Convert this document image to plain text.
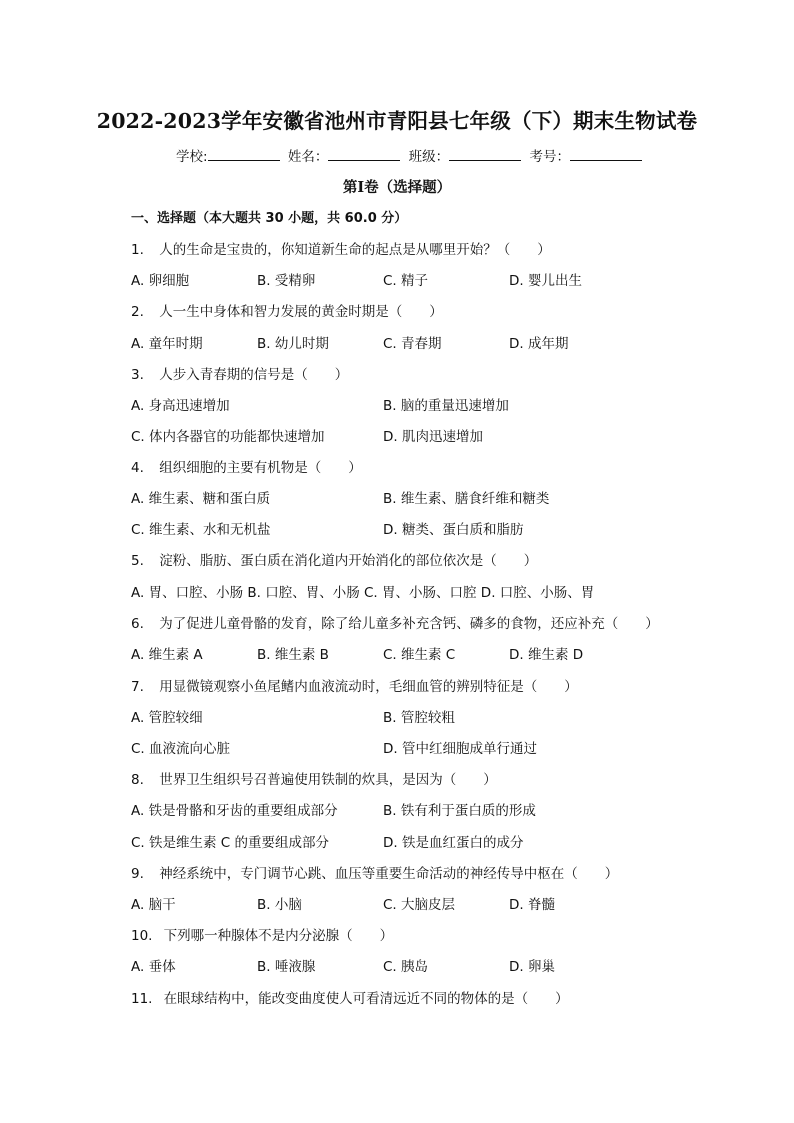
2022-2023学年安徽省池州市青阳县七年级（下）期末生物试卷
学校:	姓名：	班级：	考号：
第Ⅰ卷（选择题）
一、选择题（本大题共 30 小题，共 60.0 分）
1. 人的生命是宝贵的，你知道新生命的起点是从哪里开始？（　　）
A. 卵细胞	B. 受精卵	C. 精子	D. 婴儿出生
2. 人一生中身体和智力发展的黄金时期是（　　）
A. 童年时期	B. 幼儿时期	C. 青春期	D. 成年期
3. 人步入青春期的信号是（　　）
A. 身高迅速增加	B. 脑的重量迅速增加
C. 体内各器官的功能都快速增加	D. 肌肉迅速增加
4. 组织细胞的主要有机物是（　　）
A. 维生素、糖和蛋白质	B. 维生素、膳食纤维和糖类
C. 维生素、水和无机盐	D. 糖类、蛋白质和脂肪
5. 淀粉、脂肪、蛋白质在消化道内开始消化的部位依次是（　　）
A. 胃、口腔、小肠 B. 口腔、胃、小肠 C. 胃、小肠、口腔 D. 口腔、小肠、胃
6. 为了促进儿童骨骼的发育，除了给儿童多补充含钙、磷多的食物，还应补充（　　）
A. 维生素 A	B. 维生素 B	C. 维生素 C	D. 维生素 D
7. 用显微镜观察小鱼尾鳍内血液流动时，毛细血管的辨别特征是（　　）
A. 管腔较细	B. 管腔较粗
C. 血液流向心脏	D. 管中红细胞成单行通过
8. 世界卫生组织号召普遍使用铁制的炊具，是因为（　　）
A. 铁是骨骼和牙齿的重要组成部分	B. 铁有利于蛋白质的形成
C. 铁是维生素 C 的重要组成部分	D. 铁是血红蛋白的成分
9. 神经系统中，专门调节心跳、血压等重要生命活动的神经传导中枢在（　　）
A. 脑干	B. 小脑	C. 大脑皮层	D. 脊髓
10. 下列哪一种腺体不是内分泌腺（　　）
A. 垂体	B. 唾液腺	C. 胰岛	D. 卵巢
11. 在眼球结构中，能改变曲度使人可看清远近不同的物体的是（　　）
